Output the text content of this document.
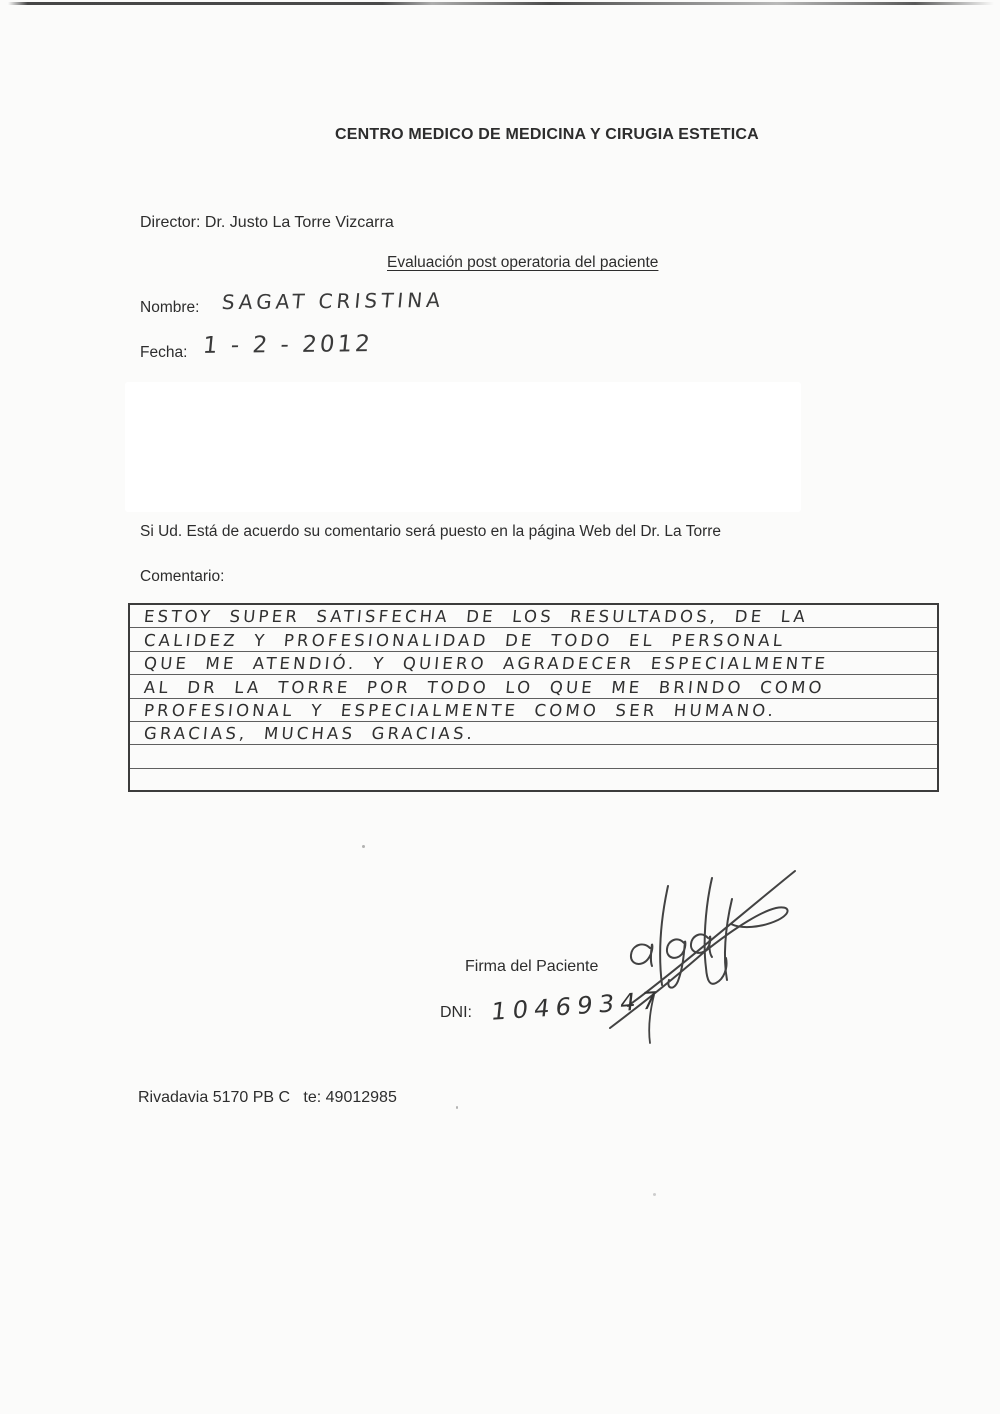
CENTRO MEDICO DE MEDICINA Y CIRUGIA ESTETICA
Director: Dr. Justo La Torre Vizcarra
Evaluación post operatoria del paciente
Nombre: SAGAT CRISTINA
Fecha: 1 - 2 - 2012
Si Ud. Está de acuerdo su comentario será puesto en la página Web del Dr. La Torre
Comentario:
ESTOY SUPER SATISFECHA DE LOS RESULTADOS, DE LA
CALIDEZ Y PROFESIONALIDAD DE TODO EL PERSONAL
QUE ME ATENDIÓ. Y QUIERO AGRADECER ESPECIALMENTE
AL DR LA TORRE POR TODO LO QUE ME BRINDO COMO
PROFESIONAL Y ESPECIALMENTE COMO SER HUMANO.
GRACIAS, MUCHAS GRACIAS.
Firma del Paciente
DNI: 10469347
Rivadavia 5170 PB C   te: 49012985
